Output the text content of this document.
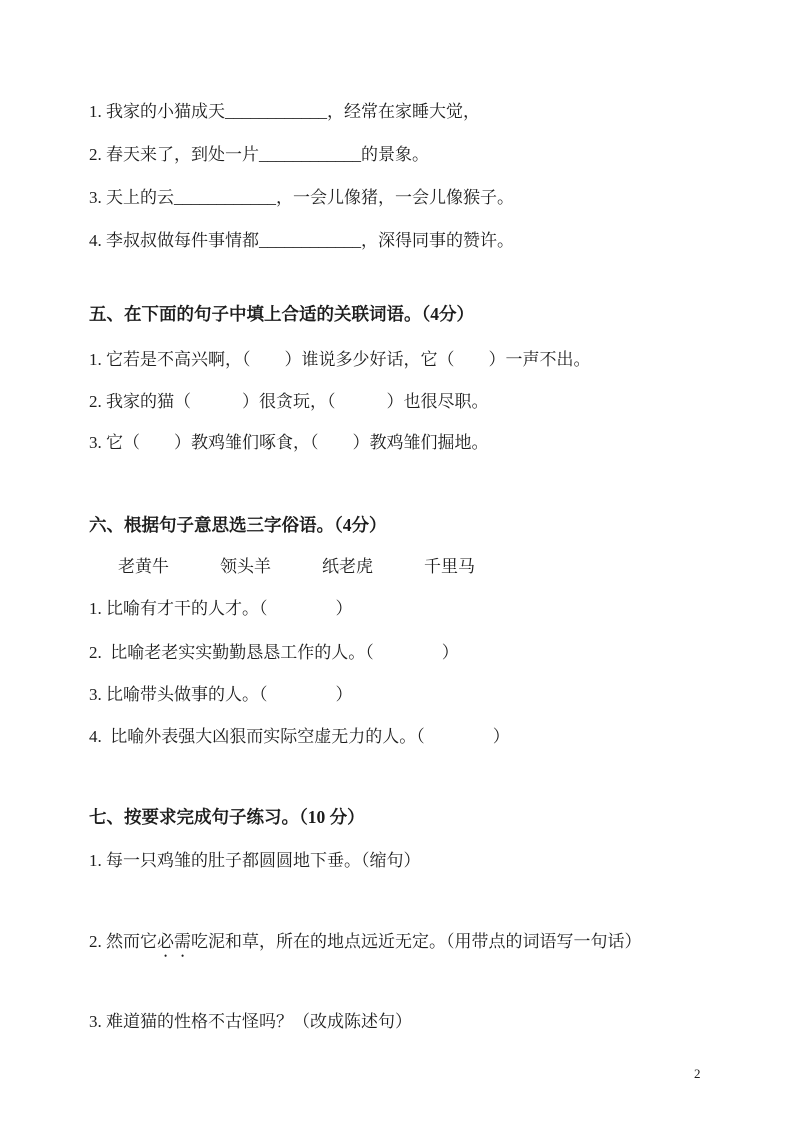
1. 我家的小猫成天____________，经常在家睡大觉，
2. 春天来了，到处一片____________的景象。
3. 天上的云____________，一会儿像猪，一会儿像猴子。
4. 李叔叔做每件事情都____________，深得同事的赞许。
五、在下面的句子中填上合适的关联词语。（4分）
1. 它若是不高兴啊，（　　）谁说多少好话，它（　　）一声不出。
2. 我家的猫（　　　）很贪玩，（　　　）也很尽职。
3. 它（　　）教鸡雏们啄食，（　　）教鸡雏们掘地。
六、根据句子意思选三字俗语。（4分）
老黄牛　　　领头羊　　　纸老虎　　　千里马
1. 比喻有才干的人才。（　　　　）
2.  比喻老老实实勤勤恳恳工作的人。（　　　　）
3. 比喻带头做事的人。（　　　　）
4.  比喻外表强大凶狠而实际空虚无力的人。（　　　　）
七、按要求完成句子练习。（10 分）
1. 每一只鸡雏的肚子都圆圆地下垂。（缩句）
2. 然而它必需吃泥和草，所在的地点远近无定。（用带点的词语写一句话）
3. 难道猫的性格不古怪吗？（改成陈述句）
2
